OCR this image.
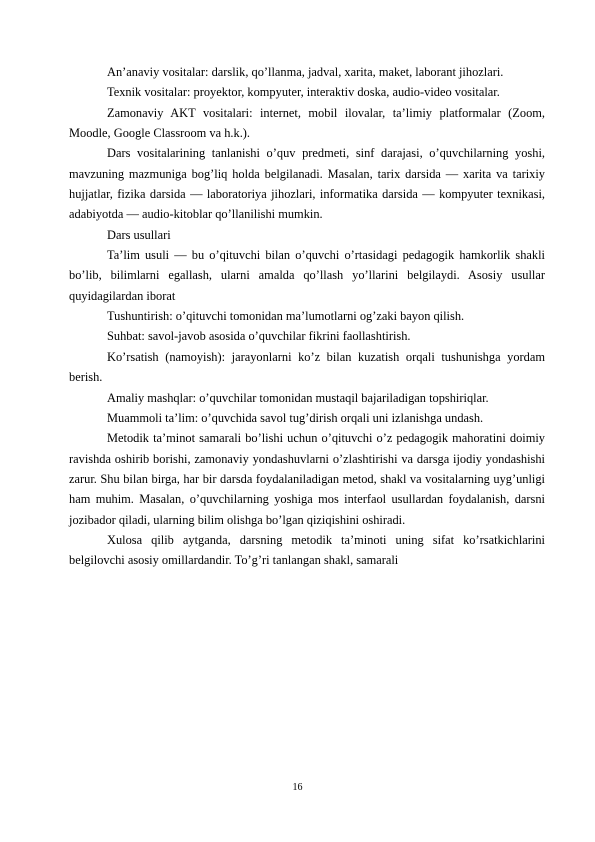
An’anaviy vositalar: darslik, qo’llanma, jadval, xarita, maket, laborant jihozlari.

Texnik vositalar: proyektor, kompyuter, interaktiv doska, audio-video vositalar.

Zamonaviy AKT vositalari: internet, mobil ilovalar, ta’limiy platformalar (Zoom, Moodle, Google Classroom va h.k.).

Dars vositalarining tanlanishi o’quv predmeti, sinf darajasi, o’quvchilarning yoshi, mavzuning mazmuniga bog’liq holda belgilanadi. Masalan, tarix darsida — xarita va tarixiy hujjatlar, fizika darsida — laboratoriya jihozlari, informatika darsida — kompyuter texnikasi, adabiyotda — audio-kitoblar qo’llanilishi mumkin.

Dars usullari

Ta’lim usuli — bu o’qituvchi bilan o’quvchi o’rtasidagi pedagogik hamkorlik shakli bo’lib, bilimlarni egallash, ularni amalda qo’llash yo’llarini belgilaydi. Asosiy usullar quyidagilardan iborat

Tushuntirish: o’qituvchi tomonidan ma’lumotlarni og’zaki bayon qilish.

Suhbat: savol-javob asosida o’quvchilar fikrini faollashtirish.

Ko’rsatish (namoyish): jarayonlarni ko’z bilan kuzatish orqali tushunishga yordam berish.

Amaliy mashqlar: o’quvchilar tomonidan mustaqil bajariladigan topshiriqlar.

Muammoli ta’lim: o’quvchida savol tug’dirish orqali uni izlanishga undash.

Metodik ta’minot samarali bo’lishi uchun o’qituvchi o’z pedagogik mahoratini doimiy ravishda oshirib borishi, zamonaviy yondashuvlarni o’zlashtirishi va darsga ijodiy yondashishi zarur. Shu bilan birga, har bir darsda foydalaniladigan metod, shakl va vositalarning uyg’unligi ham muhim. Masalan, o’quvchilarning yoshiga mos interfaol usullardan foydalanish, darsni jozibador qiladi, ularning bilim olishga bo’lgan qiziqishini oshiradi.

Xulosa qilib aytganda, darsning metodik ta’minoti uning sifat ko’rsatkichlarini belgilovchi asosiy omillardandir. To’g’ri tanlangan shakl, samarali

16
